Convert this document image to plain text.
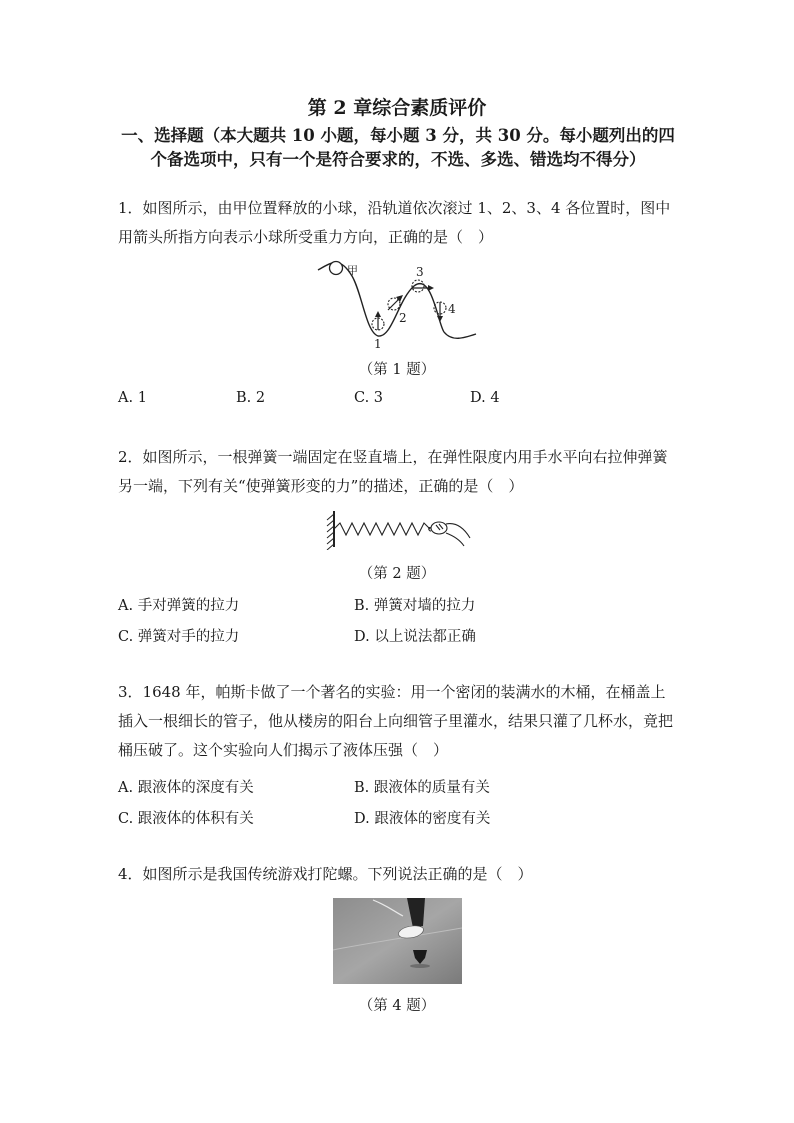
第 2 章综合素质评价
一、选择题（本大题共 10 小题，每小题 3 分，共 30 分。每小题列出的四个备选项中，只有一个是符合要求的，不选、多选、错选均不得分）
1．如图所示，由甲位置释放的小球，沿轨道依次滚过 1、2、3、4 各位置时，图中用箭头所指方向表示小球所受重力方向，正确的是（　）
甲
1
2
3
4
（第 1 题）
A. 1	B. 2	C. 3	D. 4
2．如图所示，一根弹簧一端固定在竖直墙上，在弹性限度内用手水平向右拉伸弹簧另一端，下列有关“使弹簧形变的力”的描述，正确的是（　）
（第 2 题）
A. 手对弹簧的拉力	B. 弹簧对墙的拉力
C. 弹簧对手的拉力	D. 以上说法都正确
3．1648 年，帕斯卡做了一个著名的实验：用一个密闭的装满水的木桶，在桶盖上插入一根细长的管子，他从楼房的阳台上向细管子里灌水，结果只灌了几杯水，竟把桶压破了。这个实验向人们揭示了液体压强（　）
A. 跟液体的深度有关	B. 跟液体的质量有关
C. 跟液体的体积有关	D. 跟液体的密度有关
4．如图所示是我国传统游戏打陀螺。下列说法正确的是（　）
（第 4 题）
